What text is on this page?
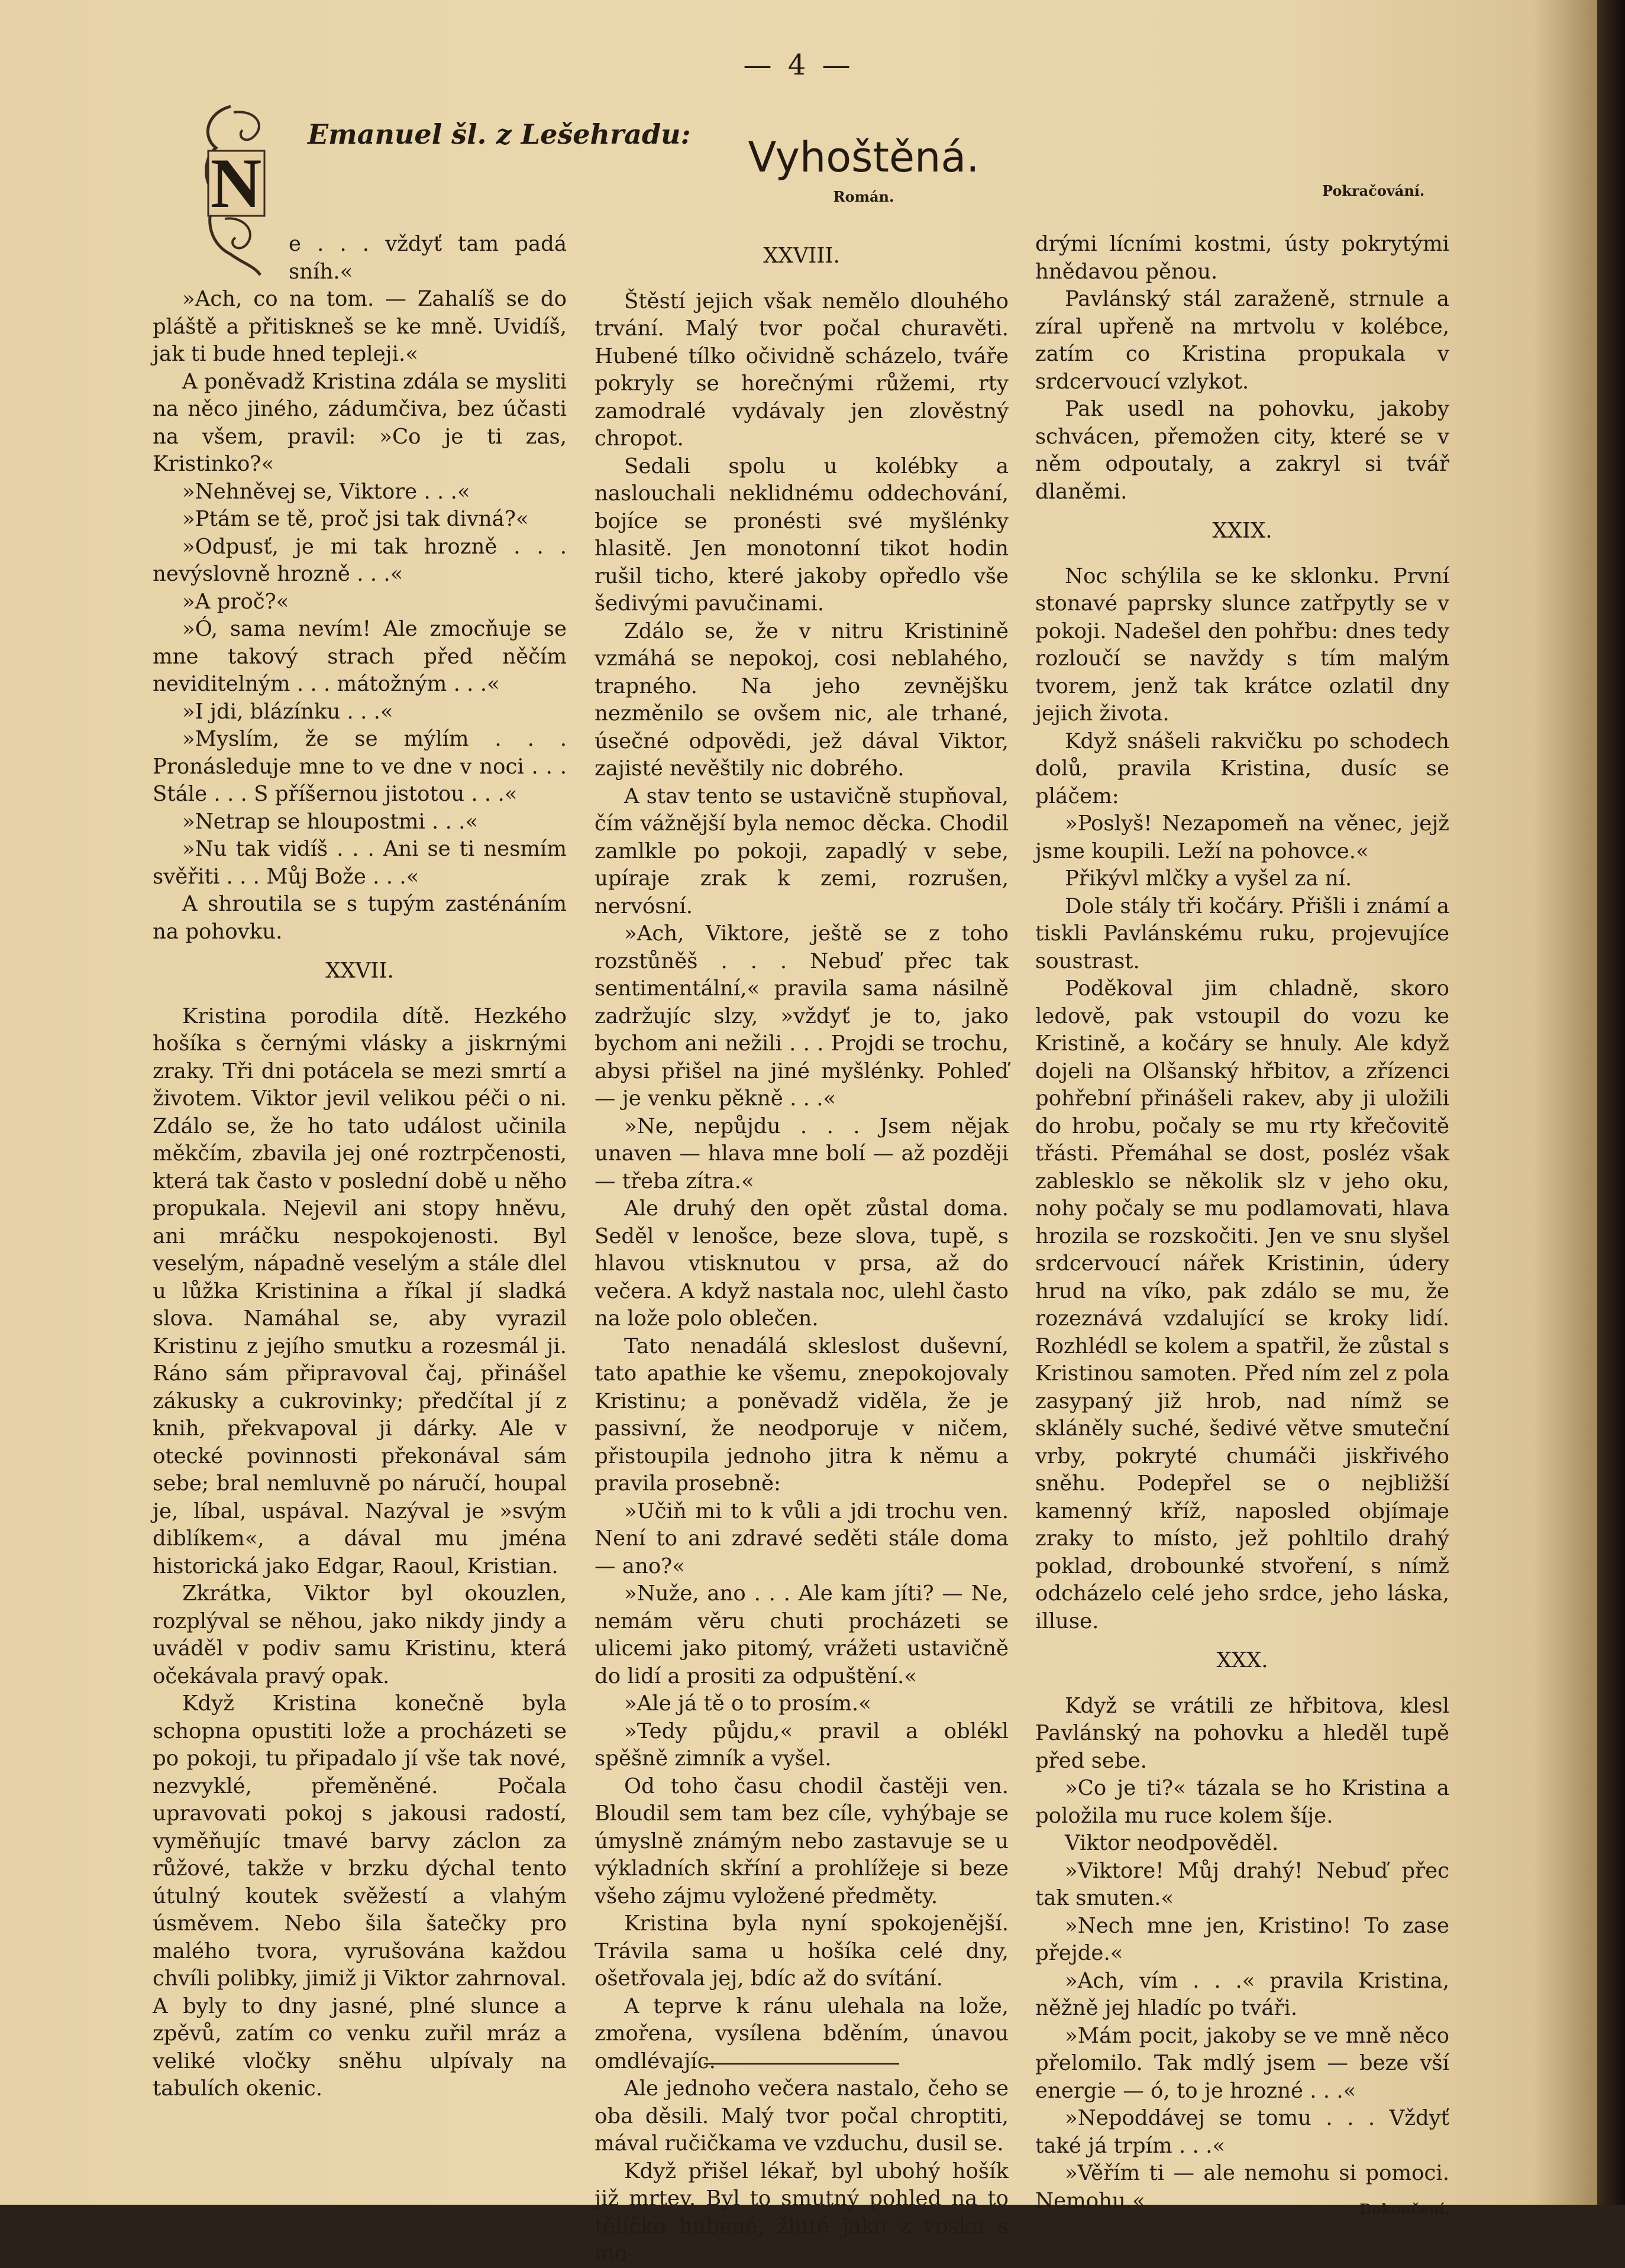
— 4 —
N
Emanuel šl. z Lešehradu:	Vyhoštěná.
Román.	Pokračování.

e . . . vždyť tam padá sníh.«

»Ach, co na tom. — Zahalíš se do pláště a přitiskneš se ke mně. Uvidíš, jak ti bude hned tepleji.«

A poněvadž Kristina zdála se mysliti na něco jiného, zádumčiva, bez účasti na všem, pravil: »Co je ti zas, Kristinko?«

»Nehněvej se, Viktore . . .«

»Ptám se tě, proč jsi tak divná?«

»Odpusť, je mi tak hrozně . . . nevýslovně hrozně . . .«

»A proč?«

»Ó, sama nevím! Ale zmocňuje se mne takový strach před něčím neviditelným . . . mátožným . . .«

»I jdi, blázínku . . .«

»Myslím, že se mýlím . . . Pronásleduje mne to ve dne v noci . . . Stále . . . S příšernou jistotou . . .«

»Netrap se hloupostmi . . .«

»Nu tak vidíš . . . Ani se ti nesmím svěřiti . . . Můj Bože . . .«

A shroutila se s tupým zasténáním na pohovku.

XXVII.

Kristina porodila dítě. Hezkého hošíka s černými vlásky a jiskrnými zraky. Tři dni potácela se mezi smrtí a životem. Viktor jevil velikou péči o ni. Zdálo se, že ho tato událost učinila měkčím, zbavila jej oné roztrpčenosti, která tak často v poslední době u něho propukala. Nejevil ani stopy hněvu, ani mráčku nespokojenosti. Byl veselým, nápadně veselým a stále dlel u lůžka Kristinina a říkal jí sladká slova. Namáhal se, aby vyrazil Kristinu z jejího smutku a rozesmál ji. Ráno sám připravoval čaj, přinášel zákusky a cukrovinky; předčítal jí z knih, překvapoval ji dárky. Ale v otecké povinnosti překonával sám sebe; bral nemluvně po náručí, houpal je, líbal, uspával. Nazýval je »svým diblíkem«, a dával mu jména historická jako Edgar, Raoul, Kristian.

Zkrátka, Viktor byl okouzlen, rozplýval se něhou, jako nikdy jindy a uváděl v podiv samu Kristinu, která očekávala pravý opak.

Když Kristina konečně byla schopna opustiti lože a procházeti se po pokoji, tu připadalo jí vše tak nové, nezvyklé, přeměněné. Počala upravovati pokoj s jakousi radostí, vyměňujíc tmavé barvy záclon za růžové, takže v brzku dýchal tento útulný koutek svěžestí a vlahým úsměvem. Nebo šila šatečky pro malého tvora, vyrušována každou chvíli polibky, jimiž ji Viktor zahrnoval. A byly to dny jasné, plné slunce a zpěvů, zatím co venku zuřil mráz a veliké vločky sněhu ulpívaly na tabulích okenic.

XXVIII.

Štěstí jejich však nemělo dlouhého trvání. Malý tvor počal churavěti. Hubené tílko očividně scházelo, tváře pokryly se horečnými růžemi, rty zamodralé vydávaly jen zlověstný chropot.

Sedali spolu u kolébky a naslouchali neklidnému oddechování, bojíce se pronésti své myšlénky hlasitě. Jen monotonní tikot hodin rušil ticho, které jakoby opředlo vše šedivými pavučinami.

Zdálo se, že v nitru Kristinině vzmáhá se nepokoj, cosi neblahého, trapného. Na jeho zevnějšku nezměnilo se ovšem nic, ale trhané, úsečné odpovědi, jež dával Viktor, zajisté nevěštily nic dobrého.

A stav tento se ustavičně stupňoval, čím vážnější byla nemoc děcka. Chodil zamlkle po pokoji, zapadlý v sebe, upíraje zrak k zemi, rozrušen, nervósní.

»Ach, Viktore, ještě se z toho rozstůněš . . . Nebuď přec tak sentimentální,« pravila sama násilně zadržujíc slzy, »vždyť je to, jako bychom ani nežili . . . Projdi se trochu, abysi přišel na jiné myšlénky. Pohleď — je venku pěkně . . .«

»Ne, nepůjdu . . . Jsem nějak unaven — hlava mne bolí — až později — třeba zítra.«

Ale druhý den opět zůstal doma. Seděl v lenošce, beze slova, tupě, s hlavou vtisknutou v prsa, až do večera. A když nastala noc, ulehl často na lože polo oblečen.

Tato nenadálá skleslost duševní, tato apathie ke všemu, znepokojovaly Kristinu; a poněvadž viděla, že je passivní, že neodporuje v ničem, přistoupila jednoho jitra k němu a pravila prosebně:

»Učiň mi to k vůli a jdi trochu ven. Není to ani zdravé seděti stále doma — ano?«

»Nuže, ano . . . Ale kam jíti? — Ne, nemám věru chuti procházeti se ulicemi jako pitomý, vrážeti ustavičně do lidí a prositi za odpuštění.«

»Ale já tě o to prosím.«

»Tedy půjdu,« pravil a oblékl spěšně zimník a vyšel.

Od toho času chodil častěji ven. Bloudil sem tam bez cíle, vyhýbaje se úmyslně známým nebo zastavuje se u výkladních skříní a prohlížeje si beze všeho zájmu vyložené předměty.

Kristina byla nyní spokojenější. Trávila sama u hošíka celé dny, ošetřovala jej, bdíc až do svítání.

A teprve k ránu ulehala na lože, zmořena, vysílena bděním, únavou omdlévajíc.

Ale jednoho večera nastalo, čeho se oba děsili. Malý tvor počal chroptiti, mával ručičkama ve vzduchu, dusil se.

Když přišel lékař, byl ubohý hošík již mrtev. Byl to smutný pohled na to tělíčko hubené, žluté jako z vosku s mo-

drými lícními kostmi, ústy pokrytými hnědavou pěnou.

Pavlánský stál zaraženě, strnule a zíral upřeně na mrtvolu v kolébce, zatím co Kristina propukala v srdcervoucí vzlykot.

Pak usedl na pohovku, jakoby schvácen, přemožen city, které se v něm odpoutaly, a zakryl si tvář dlaněmi.

XXIX.

Noc schýlila se ke sklonku. První stonavé paprsky slunce zatřpytly se v pokoji. Nadešel den pohřbu: dnes tedy rozloučí se navždy s tím malým tvorem, jenž tak krátce ozlatil dny jejich života.

Když snášeli rakvičku po schodech dolů, pravila Kristina, dusíc se pláčem:

»Poslyš! Nezapomeň na věnec, jejž jsme koupili. Leží na pohovce.«

Přikývl mlčky a vyšel za ní.

Dole stály tři kočáry. Přišli i známí a tiskli Pavlánskému ruku, projevujíce soustrast.

Poděkoval jim chladně, skoro ledově, pak vstoupil do vozu ke Kristině, a kočáry se hnuly. Ale když dojeli na Olšanský hřbitov, a zřízenci pohřební přinášeli rakev, aby ji uložili do hrobu, počaly se mu rty křečovitě třásti. Přemáhal se dost, posléz však zablesklo se několik slz v jeho oku, nohy počaly se mu podlamovati, hlava hrozila se rozskočiti. Jen ve snu slyšel srdcervoucí nářek Kristinin, údery hrud na víko, pak zdálo se mu, že rozeznává vzdalující se kroky lidí. Rozhlédl se kolem a spatřil, že zůstal s Kristinou samoten. Před ním zel z pola zasypaný již hrob, nad nímž se skláněly suché, šedivé větve smuteční vrby, pokryté chumáči jiskřivého sněhu. Podepřel se o nejbližší kamenný kříž, naposled objímaje zraky to místo, jež pohltilo drahý poklad, drobounké stvoření, s nímž odcházelo celé jeho srdce, jeho láska, illuse.

XXX.

Když se vrátili ze hřbitova, klesl Pavlánský na pohovku a hleděl tupě před sebe.

»Co je ti?« tázala se ho Kristina a položila mu ruce kolem šíje.

Viktor neodpověděl.

»Viktore! Můj drahý! Nebuď přec tak smuten.«

»Nech mne jen, Kristino! To zase přejde.«

»Ach, vím . . .« pravila Kristina, něžně jej hladíc po tváři.

»Mám pocit, jakoby se ve mně něco přelomilo. Tak mdlý jsem — beze vší energie — ó, to je hrozné . . .«

»Nepoddávej se tomu . . . Vždyť také já trpím . . .«

»Věřím ti — ale nemohu si pomoci. Nemohu.«	Dokončení.
